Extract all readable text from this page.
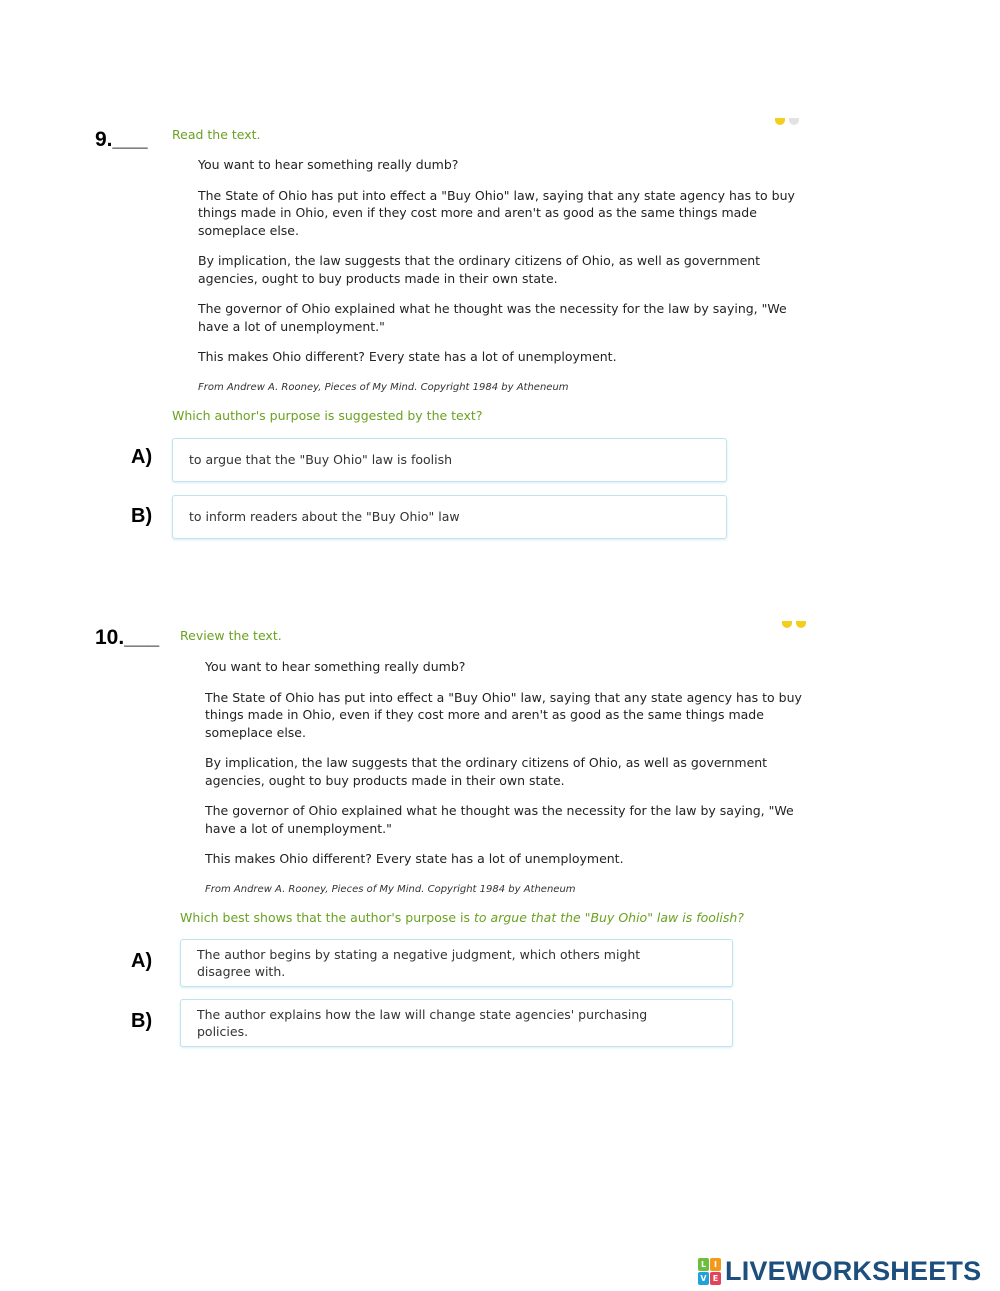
9.___ Read the text.

You want to hear something really dumb?

The State of Ohio has put into effect a "Buy Ohio" law, saying that any state agency has to buy things made in Ohio, even if they cost more and aren't as good as the same things made someplace else.

By implication, the law suggests that the ordinary citizens of Ohio, as well as government agencies, ought to buy products made in their own state.

The governor of Ohio explained what he thought was the necessity for the law by saying, "We have a lot of unemployment."

This makes Ohio different? Every state has a lot of unemployment.

From Andrew A. Rooney, Pieces of My Mind. Copyright 1984 by Atheneum

Which author's purpose is suggested by the text?
A)	to argue that the "Buy Ohio" law is foolish
B)	to inform readers about the "Buy Ohio" law
10.___ Review the text.

You want to hear something really dumb?

The State of Ohio has put into effect a "Buy Ohio" law, saying that any state agency has to buy things made in Ohio, even if they cost more and aren't as good as the same things made someplace else.

By implication, the law suggests that the ordinary citizens of Ohio, as well as government agencies, ought to buy products made in their own state.

The governor of Ohio explained what he thought was the necessity for the law by saying, "We have a lot of unemployment."

This makes Ohio different? Every state has a lot of unemployment.

From Andrew A. Rooney, Pieces of My Mind. Copyright 1984 by Atheneum

Which best shows that the author's purpose is to argue that the "Buy Ohio" law is foolish?
A)	The author begins by stating a negative judgment, which others might disagree with.
B)	The author explains how the law will change state agencies' purchasing policies.
L I
V E LIVEWORKSHEETS
